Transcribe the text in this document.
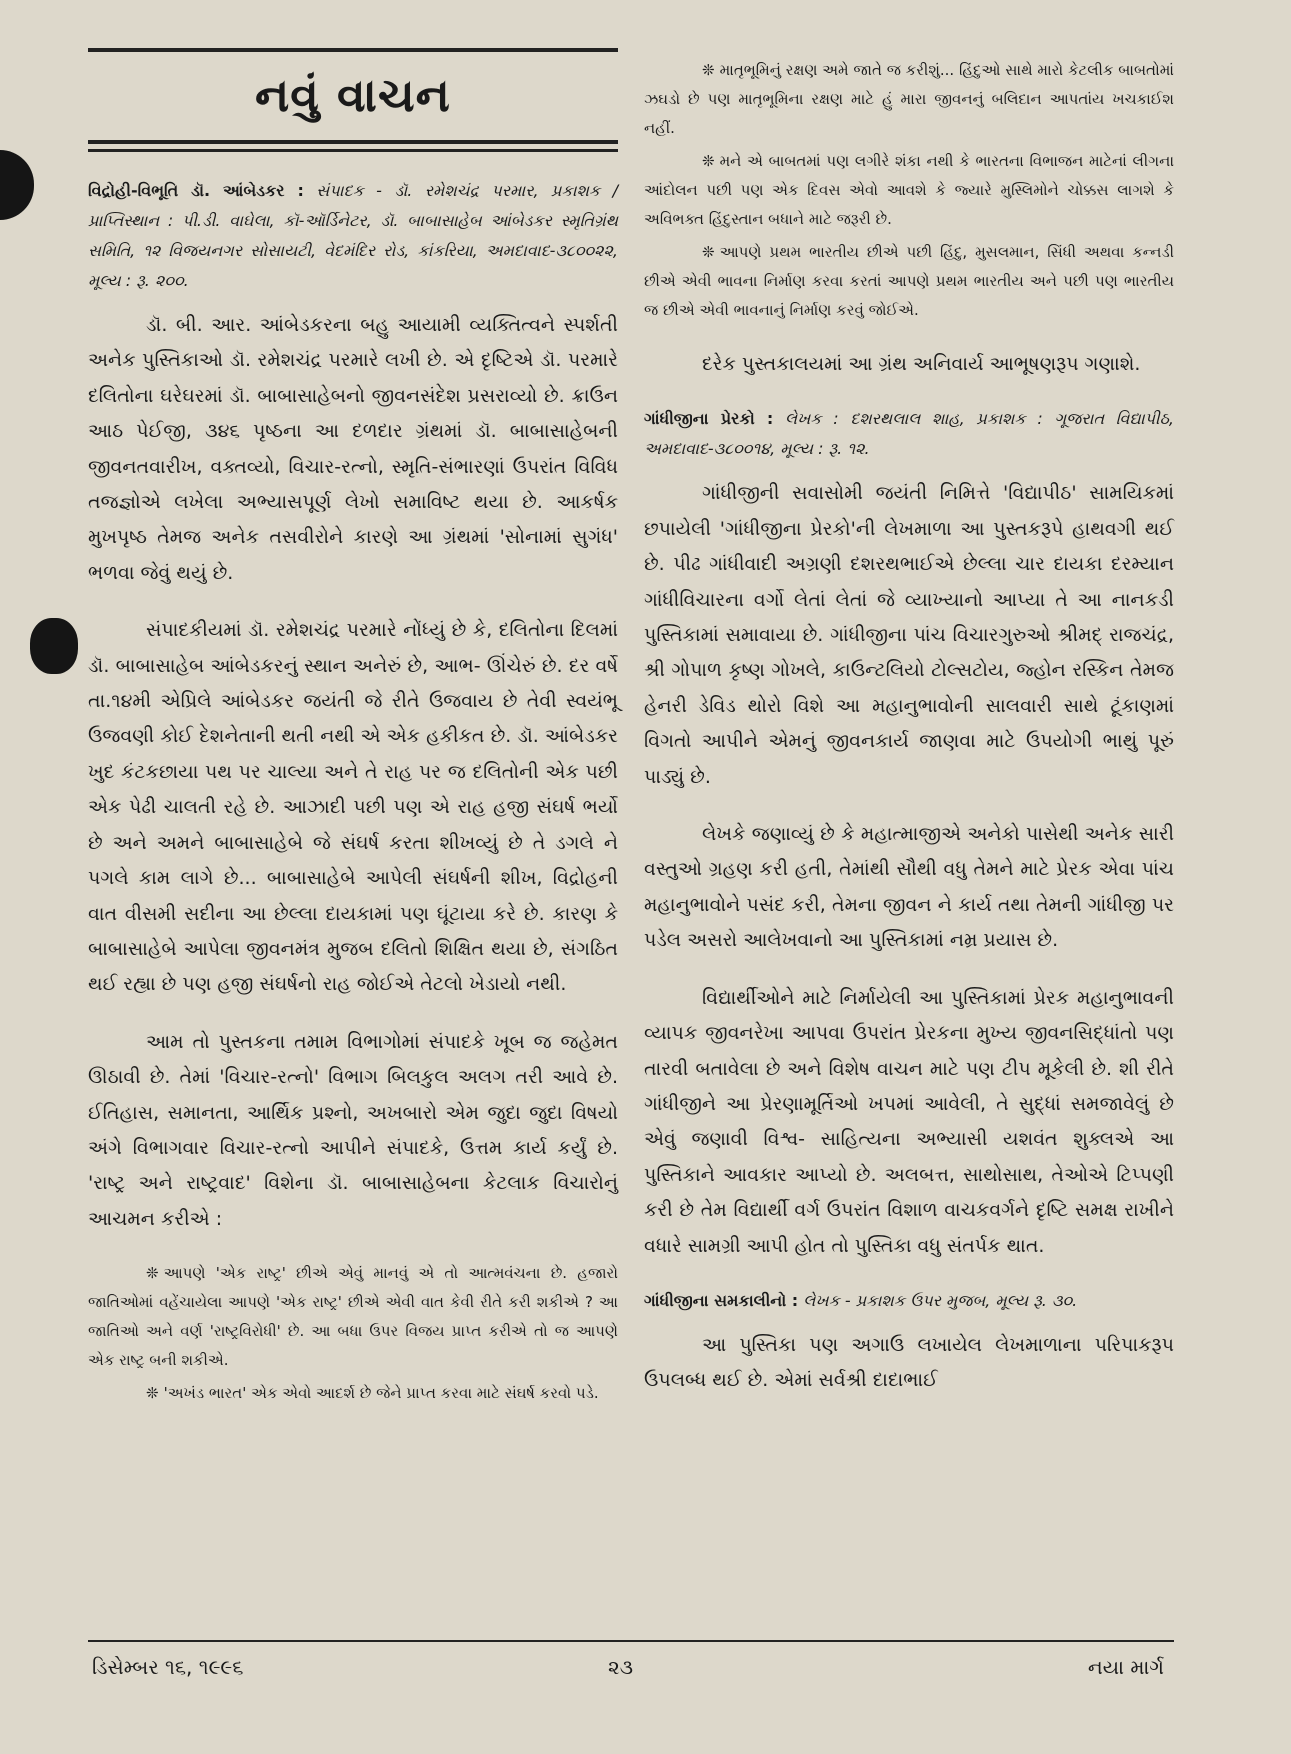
નવું વાચન
વિદ્રોહી-વિભૂતિ ડૉ. આંબેડકર : સંપાદક - ડૉ. રમેશચંદ્ર પરમાર, પ્રકાશક / પ્રાપ્તિસ્થાન : પી.ડી. વાઘેલા, કૉ-ઑર્ડિનેટર, ડૉ. બાબાસાહેબ આંબેડકર સ્મૃતિગ્રંથ સમિતિ, ૧૨ વિજયનગર સોસાયટી, વેદમંદિર રોડ, કાંકરિયા, અમદાવાદ-૩૮૦૦૨૨, મૂલ્ય : રૂ. ૨૦૦.

ડૉ. બી. આર. આંબેડકરના બહુ આયામી વ્યક્તિત્વને સ્પર્શતી અનેક પુસ્તિકાઓ ડૉ. રમેશચંદ્ર પરમારે લખી છે. એ દૃષ્ટિએ ડૉ. પરમારે દલિતોના ઘરેઘરમાં ડૉ. બાબાસાહેબનો જીવનસંદેશ પ્રસરાવ્યો છે. ક્રાઉન આઠ પેઈજી, ૩૪૬ પૃષ્ઠના આ દળદાર ગ્રંથમાં ડૉ. બાબાસાહેબની જીવનતવારીખ, વક્તવ્યો, વિચાર-રત્નો, સ્મૃતિ-સંભારણાં ઉપરાંત વિવિધ તજજ્ઞોએ લખેલા અભ્યાસપૂર્ણ લેખો સમાવિષ્ટ થયા છે. આકર્ષક મુખપૃષ્ઠ તેમજ અનેક તસવીરોને કારણે આ ગ્રંથમાં 'સોનામાં સુગંધ' ભળવા જેવું થયું છે.

સંપાદકીયમાં ડૉ. રમેશચંદ્ર પરમારે નોંધ્યું છે કે, દલિતોના દિલમાં ડૉ. બાબાસાહેબ આંબેડકરનું સ્થાન અનેરું છે, આભ- ઊંચેરું છે. દર વર્ષે તા.૧૪મી એપ્રિલે આંબેડકર જયંતી જે રીતે ઉજવાય છે તેવી સ્વયંભૂ ઉજવણી કોઈ દેશનેતાની થતી નથી એ એક હકીકત છે. ડૉ. આંબેડકર ખુદ કંટકછાયા પથ પર ચાલ્યા અને તે રાહ પર જ દલિતોની એક પછી એક પેઢી ચાલતી રહે છે. આઝાદી પછી પણ એ રાહ હજી સંઘર્ષ ભર્યો છે અને અમને બાબાસાહેબે જે સંઘર્ષ કરતા શીખવ્યું છે તે ડગલે ને પગલે કામ લાગે છે... બાબાસાહેબે આપેલી સંઘર્ષની શીખ, વિદ્રોહની વાત વીસમી સદીના આ છેલ્લા દાયકામાં પણ ઘૂંટાયા કરે છે. કારણ કે બાબાસાહેબે આપેલા જીવનમંત્ર મુજબ દલિતો શિક્ષિત થયા છે, સંગઠિત થઈ રહ્યા છે પણ હજી સંઘર્ષનો રાહ જોઈએ તેટલો ખેડાયો નથી.

આમ તો પુસ્તકના તમામ વિભાગોમાં સંપાદકે ખૂબ જ જહેમત ઊઠાવી છે. તેમાં 'વિચાર-રત્નો' વિભાગ બિલકુલ અલગ તરી આવે છે. ઈતિહાસ, સમાનતા, આર્થિક પ્રશ્નો, અખબારો એમ જુદા જુદા વિષયો અંગે વિભાગવાર વિચાર-રત્નો આપીને સંપાદકે, ઉત્તમ કાર્ય કર્યું છે. 'રાષ્ટ્ર અને રાષ્ટ્રવાદ' વિશેના ડૉ. બાબાસાહેબના કેટલાક વિચારોનું આચમન કરીએ :

❊ આપણે 'એક રાષ્ટ્ર' છીએ એવું માનવું એ તો આત્મવંચના છે. હજારો જાતિઓમાં વહેંચાયેલા આપણે 'એક રાષ્ટ્ર' છીએ એવી વાત કેવી રીતે કરી શકીએ ? આ જાતિઓ અને વર્ણ 'રાષ્ટ્રવિરોધી' છે. આ બધા ઉપર વિજય પ્રાપ્ત કરીએ તો જ આપણે એક રાષ્ટ્ર બની શકીએ.

❊ 'અખંડ ભારત' એક એવો આદર્શ છે જેને પ્રાપ્ત કરવા માટે સંઘર્ષ કરવો પડે.

❊ માતૃભૂમિનું રક્ષણ અમે જાતે જ કરીશું... હિંદુઓ સાથે મારો કેટલીક બાબતોમાં ઝઘડો છે પણ માતૃભૂમિના રક્ષણ માટે હું મારા જીવનનું બલિદાન આપતાંય ખચકાઈશ નહીં.

❊ મને એ બાબતમાં પણ લગીરે શંકા નથી કે ભારતના વિભાજન માટેનાં લીગના આંદોલન પછી પણ એક દિવસ એવો આવશે કે જ્યારે મુસ્લિમોને ચોક્કસ લાગશે કે અવિભક્ત હિંદુસ્તાન બધાને માટે જરૂરી છે.

❊ આપણે પ્રથમ ભારતીય છીએ પછી હિંદુ, મુસલમાન, સિંધી અથવા કન્નડી છીએ એવી ભાવના નિર્માણ કરવા કરતાં આપણે પ્રથમ ભારતીય અને પછી પણ ભારતીય જ છીએ એવી ભાવનાનું નિર્માણ કરવું જોઈએ.

દરેક પુસ્તકાલયમાં આ ગ્રંથ અનિવાર્ય આભૂષણરૂપ ગણાશે.

ગાંધીજીના પ્રેરકો : લેખક : દશરથલાલ શાહ, પ્રકાશક : ગૂજરાત વિદ્યાપીઠ, અમદાવાદ-૩૮૦૦૧૪, મૂલ્ય : રૂ. ૧૨.

ગાંધીજીની સવાસોમી જયંતી નિમિત્તે 'વિદ્યાપીઠ' સામયિકમાં છપાયેલી 'ગાંધીજીના પ્રેરકો'ની લેખમાળા આ પુસ્તકરૂપે હાથવગી થઈ છે. પીઢ ગાંધીવાદી અગ્રણી દશરથભાઈએ છેલ્લા ચાર દાયકા દરમ્યાન ગાંધીવિચારના વર્ગો લેતાં લેતાં જે વ્યાખ્યાનો આપ્યા તે આ નાનકડી પુસ્તિકામાં સમાવાયા છે. ગાંધીજીના પાંચ વિચારગુરુઓ શ્રીમદ્ રાજચંદ્ર, શ્રી ગોપાળ કૃષ્ણ ગોખલે, કાઉન્ટલિયો ટોલ્સટોય, જ્હોન રસ્કિન તેમજ હેનરી ડેવિડ થોરો વિશે આ મહાનુભાવોની સાલવારી સાથે ટૂંકાણમાં વિગતો આપીને એમનું જીવનકાર્ય જાણવા માટે ઉપયોગી ભાથું પૂરું પાડ્યું છે.

લેખકે જણાવ્યું છે કે મહાત્માજીએ અનેકો પાસેથી અનેક સારી વસ્તુઓ ગ્રહણ કરી હતી, તેમાંથી સૌથી વધુ તેમને માટે પ્રેરક એવા પાંચ મહાનુભાવોને પસંદ કરી, તેમના જીવન ને કાર્ય તથા તેમની ગાંધીજી પર પડેલ અસરો આલેખવાનો આ પુસ્તિકામાં નમ્ર પ્રયાસ છે.

વિદ્યાર્થીઓને માટે નિર્માયેલી આ પુસ્તિકામાં પ્રેરક મહાનુભાવની વ્યાપક જીવનરેખા આપવા ઉપરાંત પ્રેરકના મુખ્ય જીવનસિદ્ધાંતો પણ તારવી બતાવેલા છે અને વિશેષ વાચન માટે પણ ટીપ મૂકેલી છે. શી રીતે ગાંધીજીને આ પ્રેરણામૂર્તિઓ ખપમાં આવેલી, તે સુદ્ધાં સમજાવેલું છે એવું જણાવી વિશ્વ- સાહિત્યના અભ્યાસી યશવંત શુક્લએ આ પુસ્તિકાને આવકાર આપ્યો છે. અલબત્ત, સાથોસાથ, તેઓએ ટિપ્પણી કરી છે તેમ વિદ્યાર્થી વર્ગ ઉપરાંત વિશાળ વાચકવર્ગને દૃષ્ટિ સમક્ષ રાખીને વધારે સામગ્રી આપી હોત તો પુસ્તિકા વધુ સંતર્પક થાત.

ગાંધીજીના સમકાલીનો : લેખક - પ્રકાશક ઉપર મુજબ, મૂલ્ય રૂ. ૩૦.

આ પુસ્તિકા પણ અગાઉ લખાયેલ લેખમાળાના પરિપાકરૂપ ઉપલબ્ધ થઈ છે. એમાં સર્વશ્રી દાદાભાઈ

ડિસેમ્બર ૧૬, ૧૯૯૬	૨૩	નયા માર્ગ
